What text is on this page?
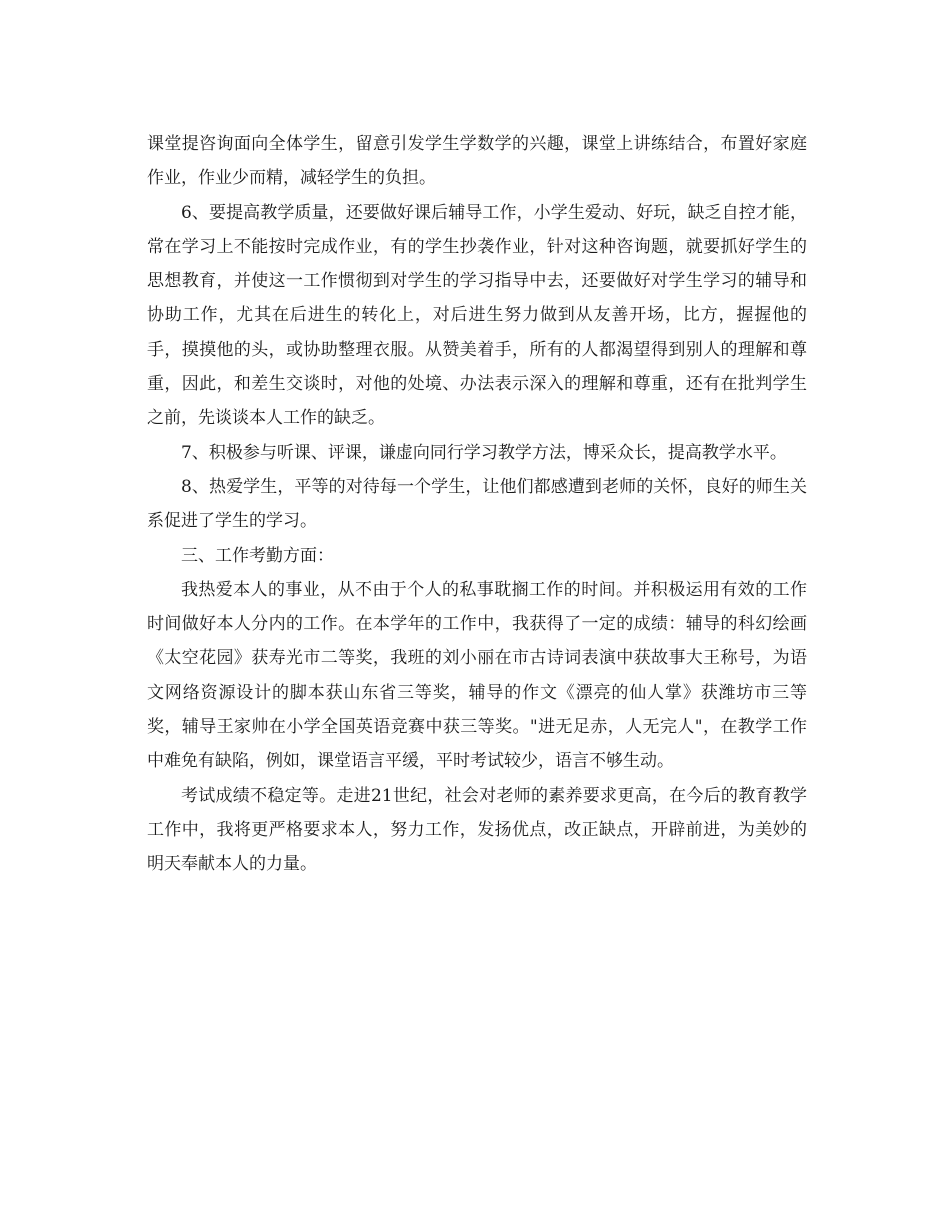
课堂提咨询面向全体学生，留意引发学生学数学的兴趣，课堂上讲练结合，布置好家庭作业，作业少而精，减轻学生的负担。

6、要提高教学质量，还要做好课后辅导工作，小学生爱动、好玩，缺乏自控才能，常在学习上不能按时完成作业，有的学生抄袭作业，针对这种咨询题，就要抓好学生的思想教育，并使这一工作惯彻到对学生的学习指导中去，还要做好对学生学习的辅导和协助工作，尤其在后进生的转化上，对后进生努力做到从友善开场，比方，握握他的手，摸摸他的头，或协助整理衣服。从赞美着手，所有的人都渴望得到别人的理解和尊重，因此，和差生交谈时，对他的处境、办法表示深入的理解和尊重，还有在批判学生之前，先谈谈本人工作的缺乏。

7、积极参与听课、评课，谦虚向同行学习教学方法，博采众长，提高教学水平。

8、热爱学生，平等的对待每一个学生，让他们都感遭到老师的关怀，良好的师生关系促进了学生的学习。

三、工作考勤方面：

我热爱本人的事业，从不由于个人的私事耽搁工作的时间。并积极运用有效的工作时间做好本人分内的工作。在本学年的工作中，我获得了一定的成绩：辅导的科幻绘画《太空花园》获寿光市二等奖，我班的刘小丽在市古诗词表演中获故事大王称号，为语文网络资源设计的脚本获山东省三等奖，辅导的作文《漂亮的仙人掌》获潍坊市三等奖，辅导王家帅在小学全国英语竞赛中获三等奖。"进无足赤，人无完人"，在教学工作中难免有缺陷，例如，课堂语言平缓，平时考试较少，语言不够生动。

考试成绩不稳定等。走进21世纪，社会对老师的素养要求更高，在今后的教育教学工作中，我将更严格要求本人，努力工作，发扬优点，改正缺点，开辟前进，为美妙的明天奉献本人的力量。
